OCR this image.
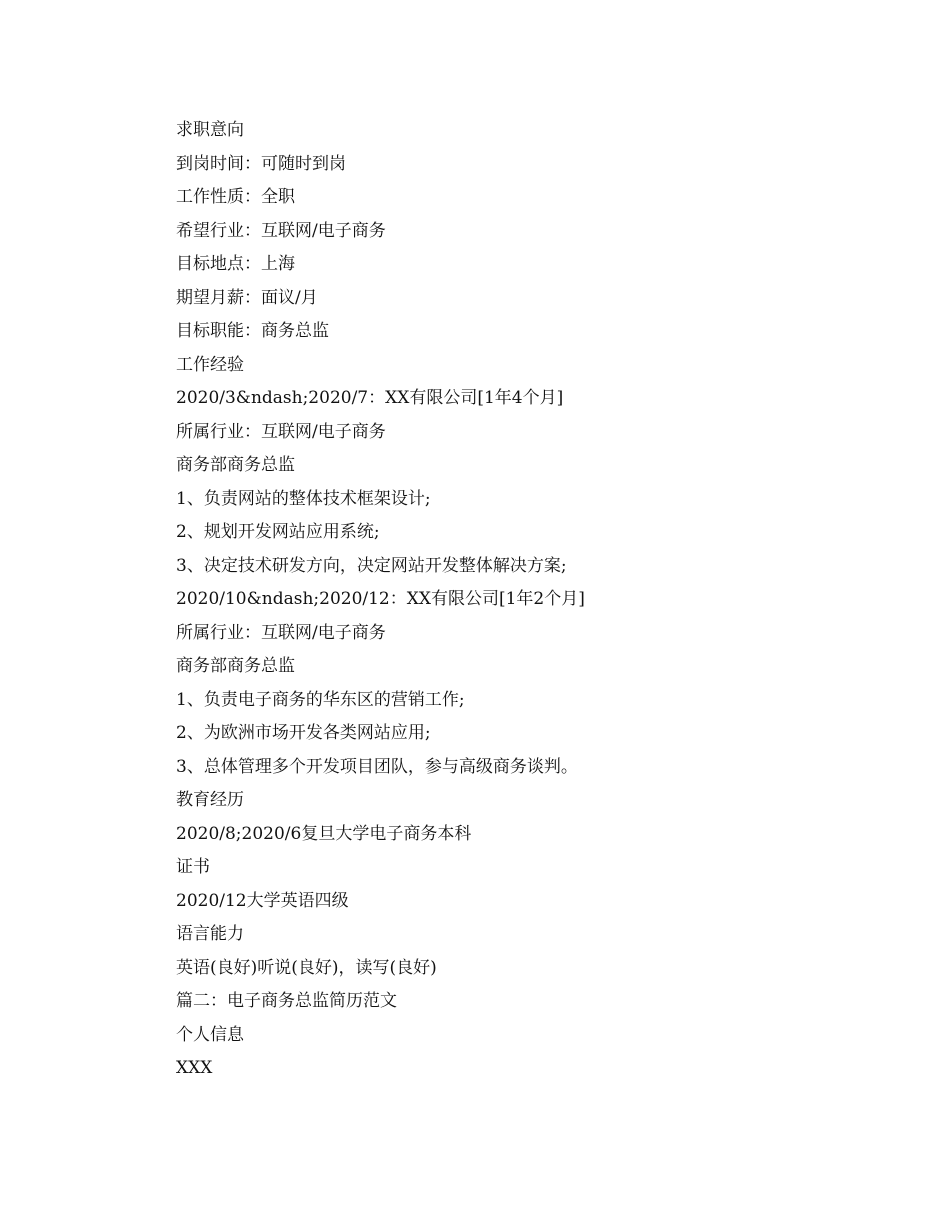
求职意向
到岗时间：可随时到岗
工作性质：全职
希望行业：互联网/电子商务
目标地点：上海
期望月薪：面议/月
目标职能：商务总监
工作经验
2020/3&ndash;2020/7：XX有限公司[1年4个月]
所属行业：互联网/电子商务
商务部商务总监
1、负责网站的整体技术框架设计;
2、规划开发网站应用系统;
3、决定技术研发方向，决定网站开发整体解决方案;
2020/10&ndash;2020/12：XX有限公司[1年2个月]
所属行业：互联网/电子商务
商务部商务总监
1、负责电子商务的华东区的营销工作;
2、为欧洲市场开发各类网站应用;
3、总体管理多个开发项目团队，参与高级商务谈判。
教育经历
2020/8;2020/6复旦大学电子商务本科
证书
2020/12大学英语四级
语言能力
英语(良好)听说(良好)，读写(良好)
篇二：电子商务总监简历范文
个人信息
XXX
